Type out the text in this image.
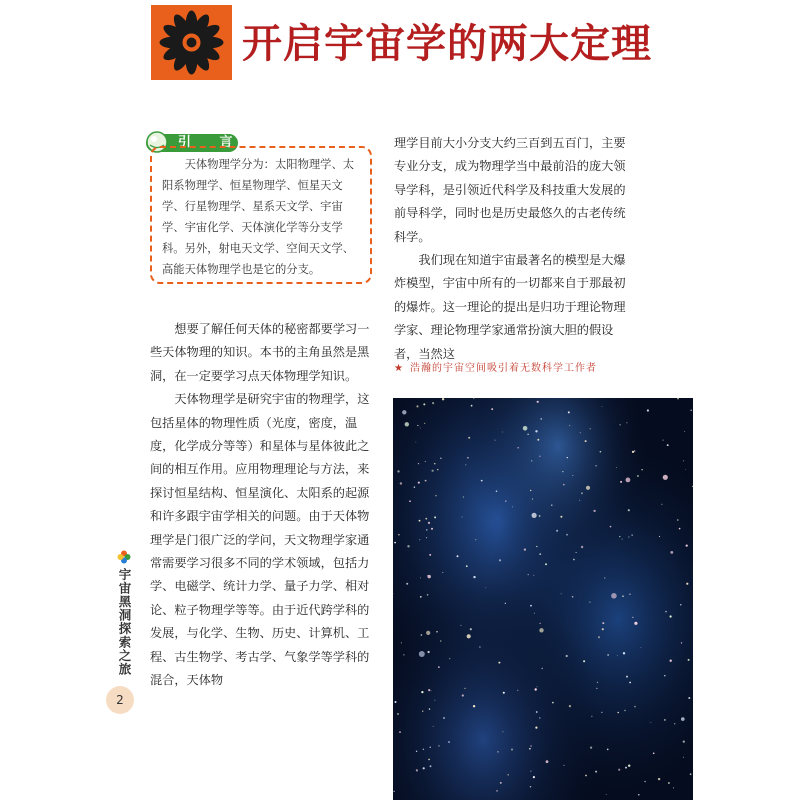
开启宇宙学的两大定理
引 言
天体物理学分为：太阳物理学、太阳系物理学、恒星物理学、恒星天文学、行星物理学、星系天文学、宇宙学、宇宙化学、天体演化学等分支学科。另外，射电天文学、空间天文学、高能天体物理学也是它的分支。

想要了解任何天体的秘密都要学习一些天体物理的知识。本书的主角虽然是黑洞，在一定要学习点天体物理学知识。

天体物理学是研究宇宙的物理学，这包括星体的物理性质（光度，密度，温度，化学成分等等）和星体与星体彼此之间的相互作用。应用物理理论与方法，来探讨恒星结构、恒星演化、太阳系的起源和许多跟宇宙学相关的问题。由于天体物理学是门很广泛的学问，天文物理学家通常需要学习很多不同的学术领域，包括力学、电磁学、统计力学、量子力学、相对论、粒子物理学等等。由于近代跨学科的发展，与化学、生物、历史、计算机、工程、古生物学、考古学、气象学等学科的混合，天体物

理学目前大小分支大约三百到五百门，主要专业分支，成为物理学当中最前沿的庞大领导学科，是引领近代科学及科技重大发展的前导科学，同时也是历史最悠久的古老传统科学。

我们现在知道宇宙最著名的模型是大爆炸模型，宇宙中所有的一切都来自于那最初的爆炸。这一理论的提出是归功于理论物理学家、理论物理学家通常扮演大胆的假设者，当然这

★ 浩瀚的宇宙空间吸引着无数科学工作者
宇宙黑洞探索之旅
2
